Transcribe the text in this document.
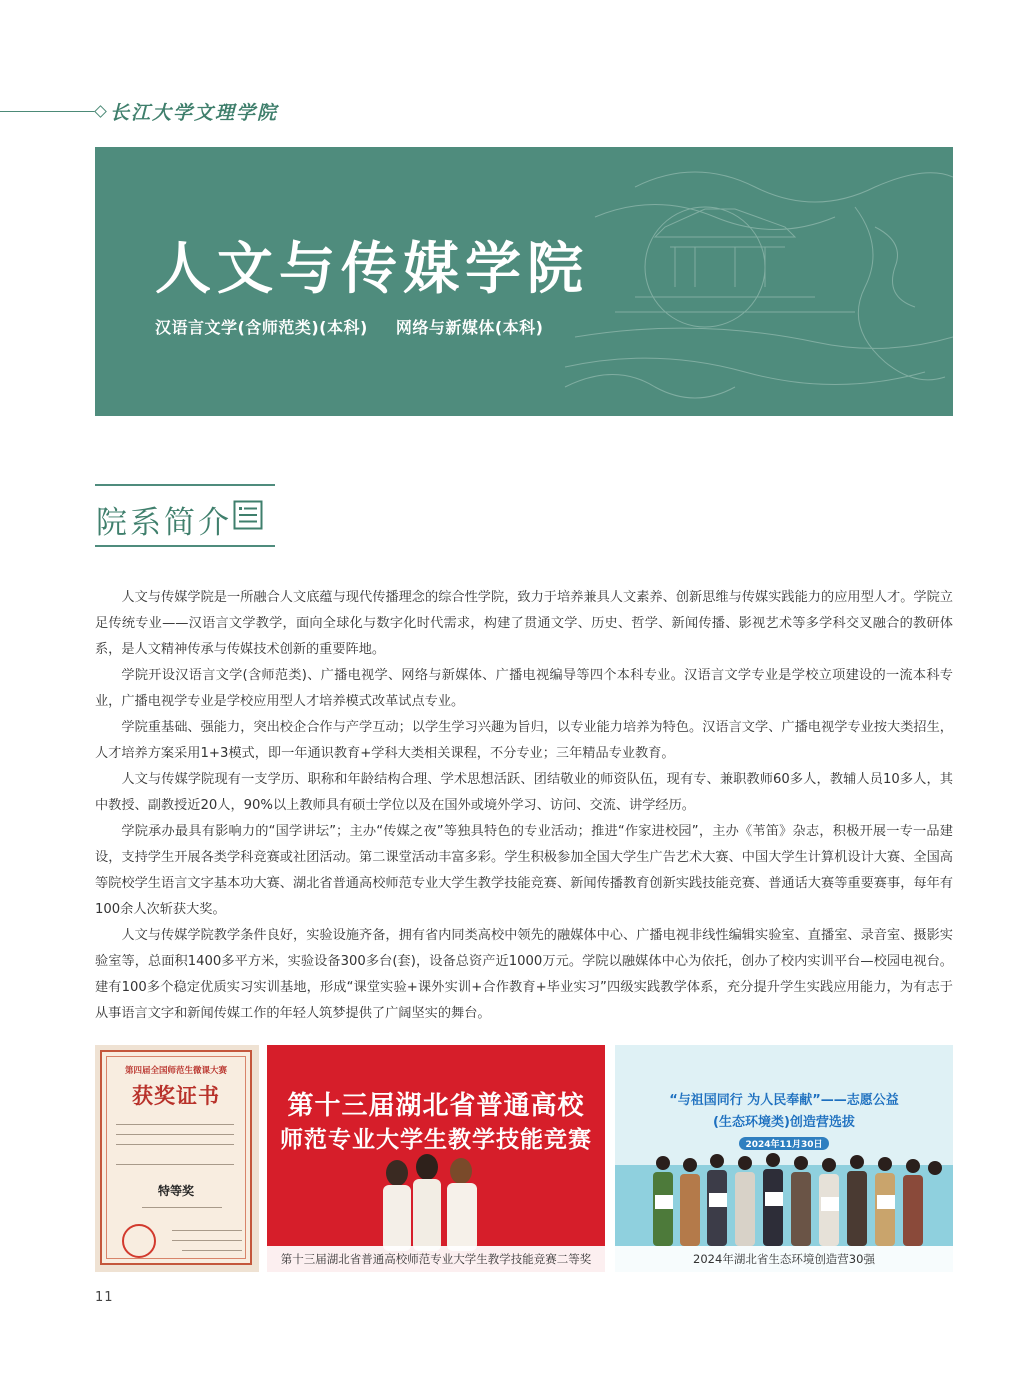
长江大学文理学院
人文与传媒学院
汉语言文学(含师范类)(本科) 网络与新媒体(本科)
院系简介

人文与传媒学院是一所融合人文底蕴与现代传播理念的综合性学院，致力于培养兼具人文素养、创新思维与传媒实践能力的应用型人才。学院立足传统专业——汉语言文学教学，面向全球化与数字化时代需求，构建了贯通文学、历史、哲学、新闻传播、影视艺术等多学科交叉融合的教研体系，是人文精神传承与传媒技术创新的重要阵地。

学院开设汉语言文学(含师范类)、广播电视学、网络与新媒体、广播电视编导等四个本科专业。汉语言文学专业是学校立项建设的一流本科专业，广播电视学专业是学校应用型人才培养模式改革试点专业。

学院重基础、强能力，突出校企合作与产学互动；以学生学习兴趣为旨归，以专业能力培养为特色。汉语言文学、广播电视学专业按大类招生，人才培养方案采用1+3模式，即一年通识教育+学科大类相关课程，不分专业；三年精品专业教育。

人文与传媒学院现有一支学历、职称和年龄结构合理、学术思想活跃、团结敬业的师资队伍，现有专、兼职教师60多人，教辅人员10多人，其中教授、副教授近20人，90%以上教师具有硕士学位以及在国外或境外学习、访问、交流、讲学经历。

学院承办最具有影响力的“国学讲坛”；主办“传媒之夜”等独具特色的专业活动；推进“作家进校园”，主办《苇笛》杂志，积极开展一专一品建设，支持学生开展各类学科竞赛或社团活动。第二课堂活动丰富多彩。学生积极参加全国大学生广告艺术大赛、中国大学生计算机设计大赛、全国高等院校学生语言文字基本功大赛、湖北省普通高校师范专业大学生教学技能竞赛、新闻传播教育创新实践技能竞赛、普通话大赛等重要赛事，每年有100余人次斩获大奖。

人文与传媒学院教学条件良好，实验设施齐备，拥有省内同类高校中领先的融媒体中心、广播电视非线性编辑实验室、直播室、录音室、摄影实验室等，总面积1400多平方米，实验设备300多台(套)，设备总资产近1000万元。学院以融媒体中心为依托，创办了校内实训平台—校园电视台。建有100多个稳定优质实习实训基地，形成“课堂实验+课外实训+合作教育+毕业实习”四级实践教学体系，充分提升学生实践应用能力，为有志于从事语言文字和新闻传媒工作的年轻人筑梦提供了广阔坚实的舞台。

第四届全国师范生微课大赛
获奖证书
特等奖
第十三届湖北省普通高校
师范专业大学生教学技能竞赛
第十三届湖北省普通高校师范专业大学生教学技能竞赛二等奖
“与祖国同行 为人民奉献”——志愿公益
(生态环境类)创造营选拔
2024年11月30日
2024年湖北省生态环境创造营30强
11
